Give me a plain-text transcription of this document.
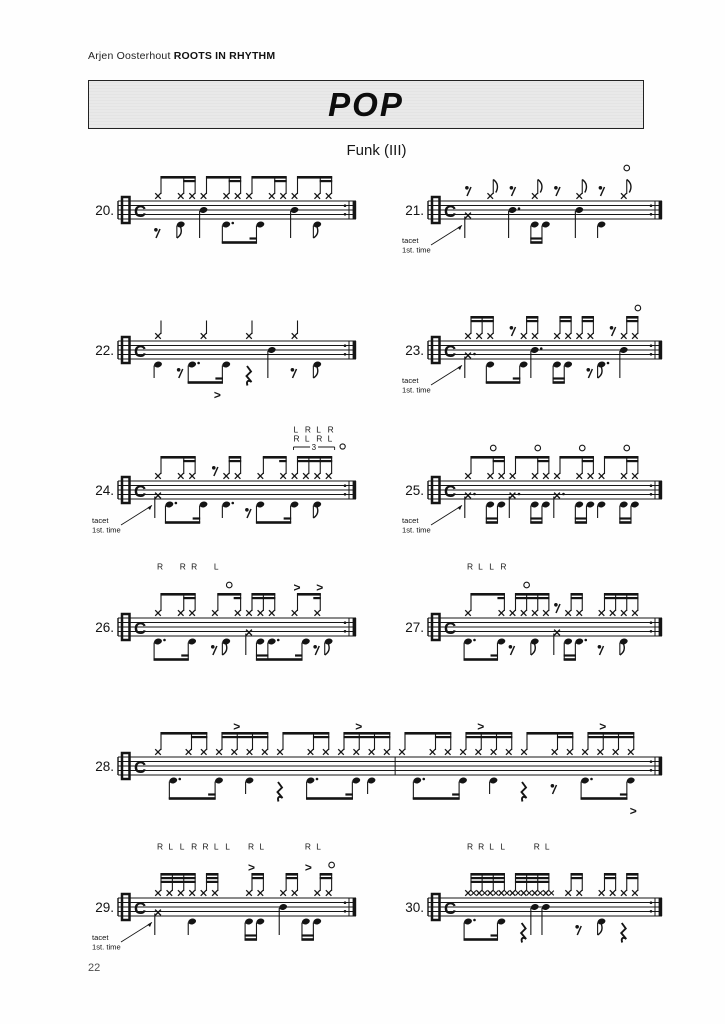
Arjen Oosterhout ROOTS IN RHYTHM
POP
Funk (III)
C
20.	C
21.
tacet
1st. time
C
22.
>
C
23.
tacet
1st. time
C
24.
L R L R
R L R L
3
tacet
1st. time
C
25.
tacet
1st. time
C
26.
> >
R R R L
C
27.
R L L R
C
28.
>	>	>	>
>
C
29.
>	>
R L L R R L L R L	R L
tacet
1st. time
C
30.
R R L L	R L
22
